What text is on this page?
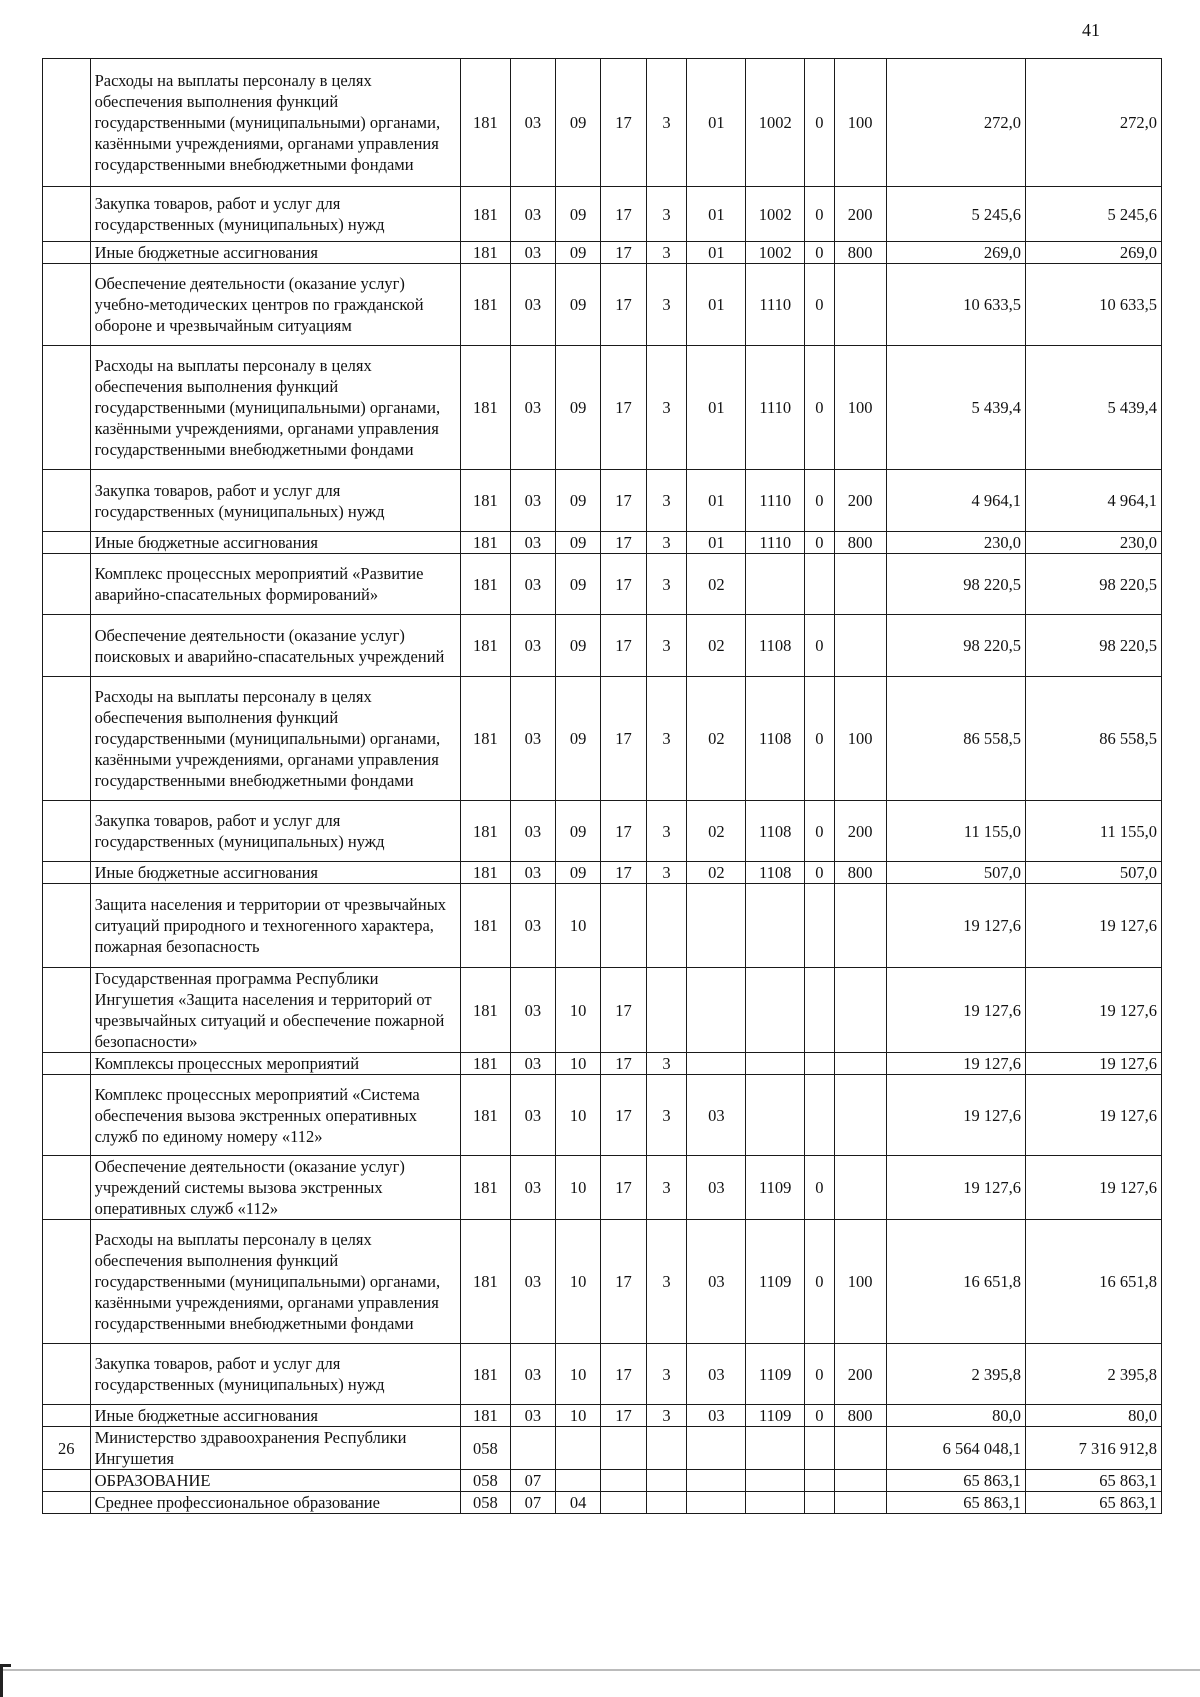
41
	Расходы на выплаты персоналу в целях обеспечения выполнения функций государственными (муниципальными) органами, казёнными учреждениями, органами управления государственными внебюджетными фондами	181	03	09	17	3	01	1002	0	100	272,0	272,0
	Закупка товаров, работ и услуг для государственных (муниципальных) нужд	181	03	09	17	3	01	1002	0	200	5 245,6	5 245,6
	Иные бюджетные ассигнования	181	03	09	17	3	01	1002	0	800	269,0	269,0
	Обеспечение деятельности (оказание услуг) учебно-методических центров по гражданской обороне и чрезвычайным ситуациям	181	03	09	17	3	01	1110	0		10 633,5	10 633,5
	Расходы на выплаты персоналу в целях обеспечения выполнения функций государственными (муниципальными) органами, казёнными учреждениями, органами управления государственными внебюджетными фондами	181	03	09	17	3	01	1110	0	100	5 439,4	5 439,4
	Закупка товаров, работ и услуг для государственных (муниципальных) нужд	181	03	09	17	3	01	1110	0	200	4 964,1	4 964,1
	Иные бюджетные ассигнования	181	03	09	17	3	01	1110	0	800	230,0	230,0
	Комплекс процессных мероприятий «Развитие аварийно-спасательных формирований»	181	03	09	17	3	02				98 220,5	98 220,5
	Обеспечение деятельности (оказание услуг) поисковых и аварийно-спасательных учреждений	181	03	09	17	3	02	1108	0		98 220,5	98 220,5
	Расходы на выплаты персоналу в целях обеспечения выполнения функций государственными (муниципальными) органами, казёнными учреждениями, органами управления государственными внебюджетными фондами	181	03	09	17	3	02	1108	0	100	86 558,5	86 558,5
	Закупка товаров, работ и услуг для государственных (муниципальных) нужд	181	03	09	17	3	02	1108	0	200	11 155,0	11 155,0
	Иные бюджетные ассигнования	181	03	09	17	3	02	1108	0	800	507,0	507,0
	Защита населения и территории от чрезвычайных ситуаций природного и техногенного характера, пожарная безопасность	181	03	10							19 127,6	19 127,6
	Государственная программа Республики Ингушетия «Защита населения и территорий от чрезвычайных ситуаций и обеспечение пожарной безопасности»	181	03	10	17						19 127,6	19 127,6
	Комплексы процессных мероприятий	181	03	10	17	3					19 127,6	19 127,6
	Комплекс процессных мероприятий «Система обеспечения вызова экстренных оперативных служб по единому номеру «112»	181	03	10	17	3	03				19 127,6	19 127,6
	Обеспечение деятельности (оказание услуг) учреждений системы вызова экстренных оперативных служб «112»	181	03	10	17	3	03	1109	0		19 127,6	19 127,6
	Расходы на выплаты персоналу в целях обеспечения выполнения функций государственными (муниципальными) органами, казёнными учреждениями, органами управления государственными внебюджетными фондами	181	03	10	17	3	03	1109	0	100	16 651,8	16 651,8
	Закупка товаров, работ и услуг для государственных (муниципальных) нужд	181	03	10	17	3	03	1109	0	200	2 395,8	2 395,8
	Иные бюджетные ассигнования	181	03	10	17	3	03	1109	0	800	80,0	80,0
26	Министерство здравоохранения Республики Ингушетия	058									6 564 048,1	7 316 912,8
	ОБРАЗОВАНИЕ	058	07								65 863,1	65 863,1
	Среднее профессиональное образование	058	07	04							65 863,1	65 863,1
